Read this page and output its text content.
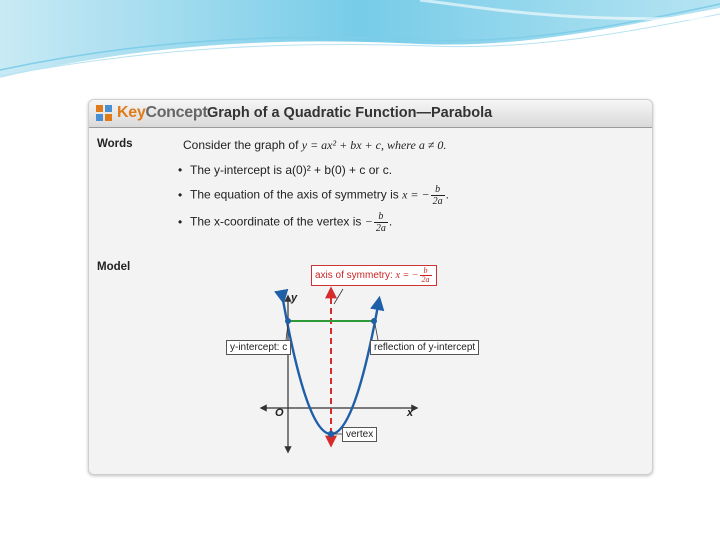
KeyConcept Graph of a Quadratic Function—Parabola
Words	Consider the graph of y = ax² + bx + c, where a ≠ 0.
• The y-intercept is a(0)² + b(0) + c or c.
• The equation of the axis of symmetry is x = − $\frac{b}{2a}$ .
• The x-coordinate of the vertex is − $\frac{b}{2a}$ .
Model
y
x
O
axis of symmetry: x = − $\frac{b}{2a}$
y-intercept: c	reflection of y-intercept
vertex
